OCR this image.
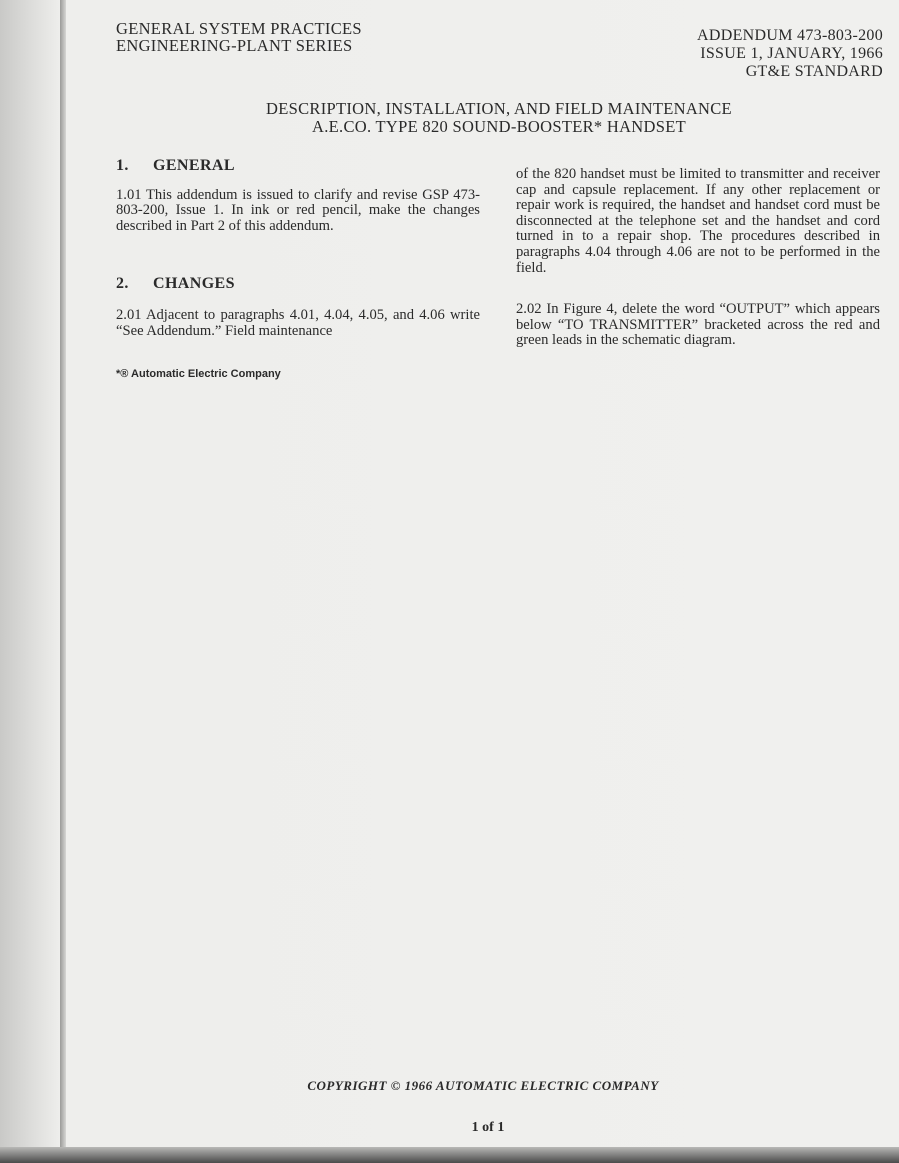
GENERAL SYSTEM PRACTICES
ENGINEERING-PLANT SERIES
ADDENDUM 473-803-200
ISSUE 1, JANUARY, 1966
GT&E STANDARD
DESCRIPTION, INSTALLATION, AND FIELD MAINTENANCE
A.E.CO. TYPE 820 SOUND-BOOSTER* HANDSET
1. GENERAL

1.01 This addendum is issued to clarify and revise GSP 473-803-200, Issue 1. In ink or red pencil, make the changes described in Part 2 of this addendum.

2. CHANGES

2.01 Adjacent to paragraphs 4.01, 4.04, 4.05, and 4.06 write “See Addendum.” Field maintenance

*® Automatic Electric Company

of the 820 handset must be limited to transmitter and receiver cap and capsule replacement. If any other replacement or repair work is required, the handset and handset cord must be disconnected at the telephone set and the handset and cord turned in to a repair shop. The procedures described in paragraphs 4.04 through 4.06 are not to be performed in the field.

2.02 In Figure 4, delete the word “OUTPUT” which appears below “TO TRANSMITTER” bracketed across the red and green leads in the schematic diagram.

COPYRIGHT © 1966 AUTOMATIC ELECTRIC COMPANY
1 of 1
